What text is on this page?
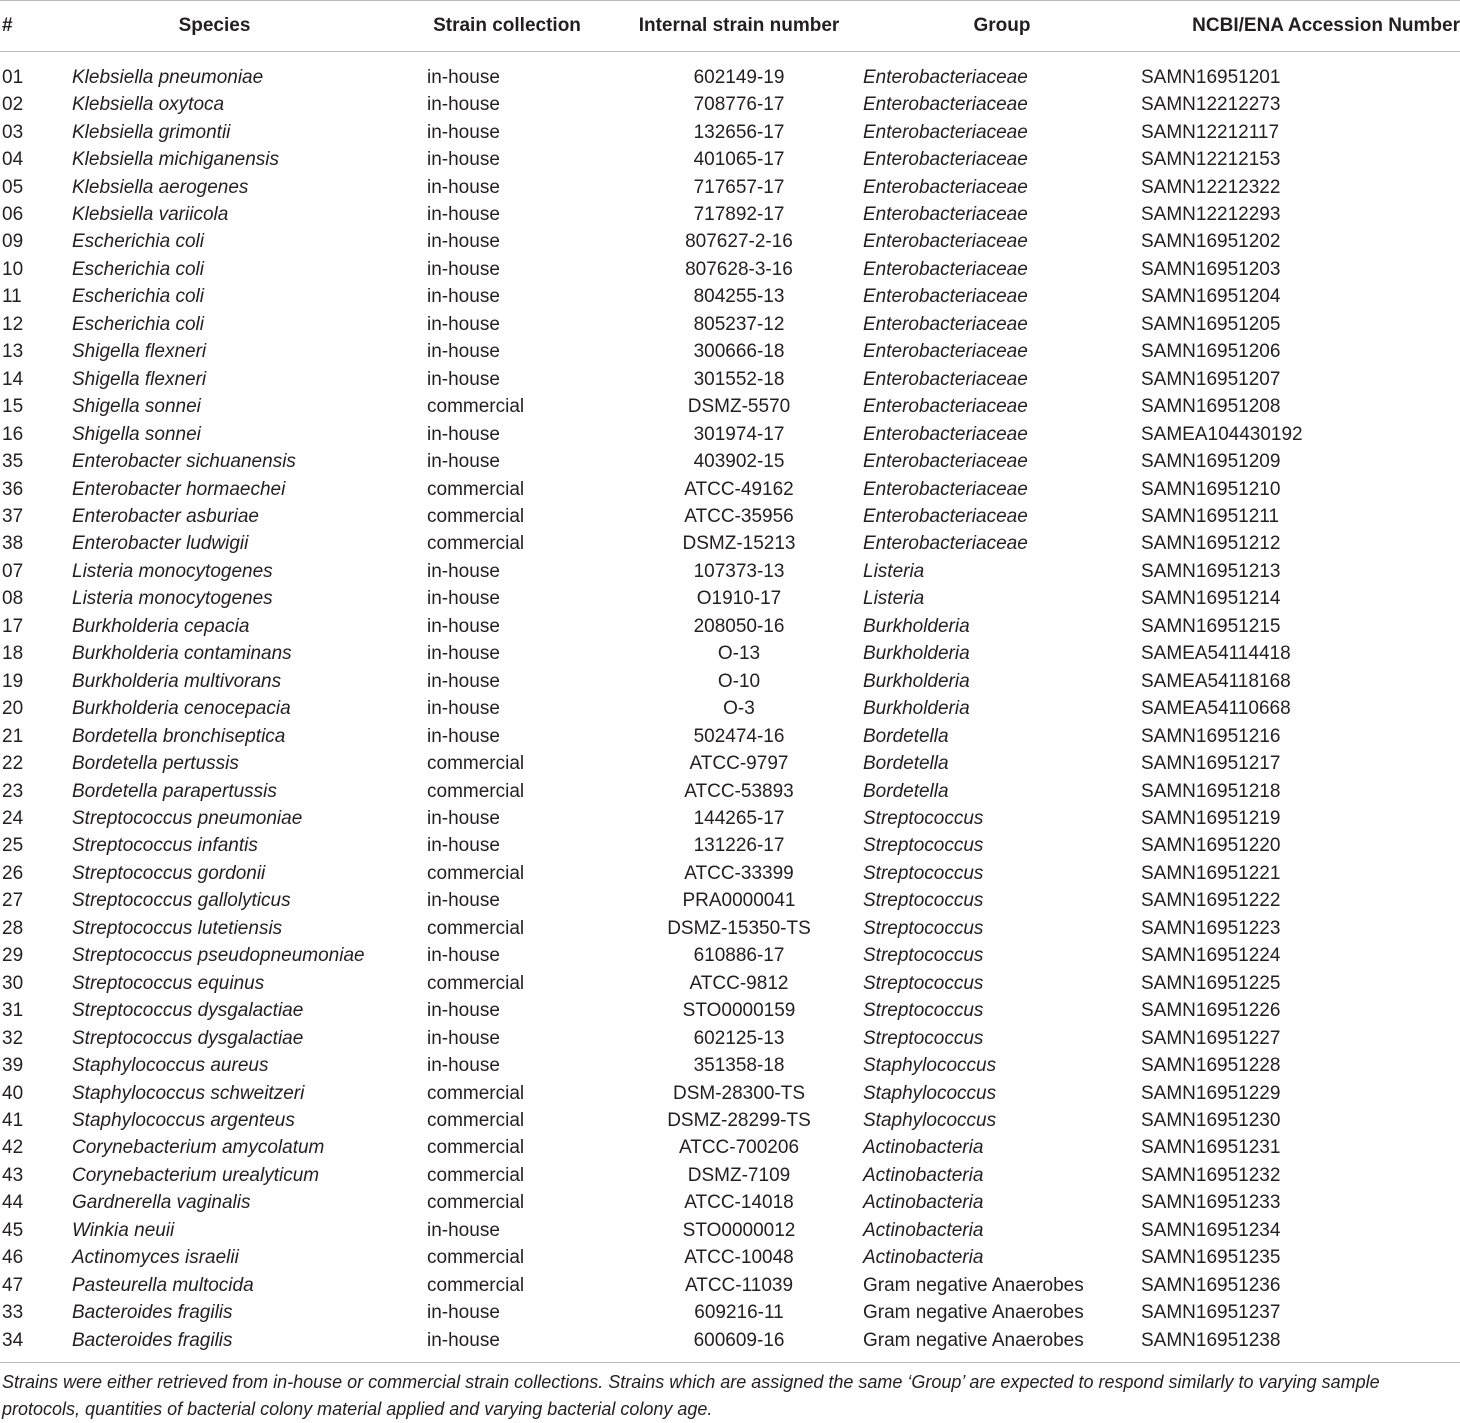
#	Species	Strain collection	Internal strain number	Group	NCBI/ENA Accession Number
01	Klebsiella pneumoniae	in-house	602149-19	Enterobacteriaceae	SAMN16951201
02	Klebsiella oxytoca	in-house	708776-17	Enterobacteriaceae	SAMN12212273
03	Klebsiella grimontii	in-house	132656-17	Enterobacteriaceae	SAMN12212117
04	Klebsiella michiganensis	in-house	401065-17	Enterobacteriaceae	SAMN12212153
05	Klebsiella aerogenes	in-house	717657-17	Enterobacteriaceae	SAMN12212322
06	Klebsiella variicola	in-house	717892-17	Enterobacteriaceae	SAMN12212293
09	Escherichia coli	in-house	807627-2-16	Enterobacteriaceae	SAMN16951202
10	Escherichia coli	in-house	807628-3-16	Enterobacteriaceae	SAMN16951203
11	Escherichia coli	in-house	804255-13	Enterobacteriaceae	SAMN16951204
12	Escherichia coli	in-house	805237-12	Enterobacteriaceae	SAMN16951205
13	Shigella flexneri	in-house	300666-18	Enterobacteriaceae	SAMN16951206
14	Shigella flexneri	in-house	301552-18	Enterobacteriaceae	SAMN16951207
15	Shigella sonnei	commercial	DSMZ-5570	Enterobacteriaceae	SAMN16951208
16	Shigella sonnei	in-house	301974-17	Enterobacteriaceae	SAMEA104430192
35	Enterobacter sichuanensis	in-house	403902-15	Enterobacteriaceae	SAMN16951209
36	Enterobacter hormaechei	commercial	ATCC-49162	Enterobacteriaceae	SAMN16951210
37	Enterobacter asburiae	commercial	ATCC-35956	Enterobacteriaceae	SAMN16951211
38	Enterobacter ludwigii	commercial	DSMZ-15213	Enterobacteriaceae	SAMN16951212
07	Listeria monocytogenes	in-house	107373-13	Listeria	SAMN16951213
08	Listeria monocytogenes	in-house	O1910-17	Listeria	SAMN16951214
17	Burkholderia cepacia	in-house	208050-16	Burkholderia	SAMN16951215
18	Burkholderia contaminans	in-house	O-13	Burkholderia	SAMEA54114418
19	Burkholderia multivorans	in-house	O-10	Burkholderia	SAMEA54118168
20	Burkholderia cenocepacia	in-house	O-3	Burkholderia	SAMEA54110668
21	Bordetella bronchiseptica	in-house	502474-16	Bordetella	SAMN16951216
22	Bordetella pertussis	commercial	ATCC-9797	Bordetella	SAMN16951217
23	Bordetella parapertussis	commercial	ATCC-53893	Bordetella	SAMN16951218
24	Streptococcus pneumoniae	in-house	144265-17	Streptococcus	SAMN16951219
25	Streptococcus infantis	in-house	131226-17	Streptococcus	SAMN16951220
26	Streptococcus gordonii	commercial	ATCC-33399	Streptococcus	SAMN16951221
27	Streptococcus gallolyticus	in-house	PRA0000041	Streptococcus	SAMN16951222
28	Streptococcus lutetiensis	commercial	DSMZ-15350-TS	Streptococcus	SAMN16951223
29	Streptococcus pseudopneumoniae	in-house	610886-17	Streptococcus	SAMN16951224
30	Streptococcus equinus	commercial	ATCC-9812	Streptococcus	SAMN16951225
31	Streptococcus dysgalactiae	in-house	STO0000159	Streptococcus	SAMN16951226
32	Streptococcus dysgalactiae	in-house	602125-13	Streptococcus	SAMN16951227
39	Staphylococcus aureus	in-house	351358-18	Staphylococcus	SAMN16951228
40	Staphylococcus schweitzeri	commercial	DSM-28300-TS	Staphylococcus	SAMN16951229
41	Staphylococcus argenteus	commercial	DSMZ-28299-TS	Staphylococcus	SAMN16951230
42	Corynebacterium amycolatum	commercial	ATCC-700206	Actinobacteria	SAMN16951231
43	Corynebacterium urealyticum	commercial	DSMZ-7109	Actinobacteria	SAMN16951232
44	Gardnerella vaginalis	commercial	ATCC-14018	Actinobacteria	SAMN16951233
45	Winkia neuii	in-house	STO0000012	Actinobacteria	SAMN16951234
46	Actinomyces israelii	commercial	ATCC-10048	Actinobacteria	SAMN16951235
47	Pasteurella multocida	commercial	ATCC-11039	Gram negative Anaerobes	SAMN16951236
33	Bacteroides fragilis	in-house	609216-11	Gram negative Anaerobes	SAMN16951237
34	Bacteroides fragilis	in-house	600609-16	Gram negative Anaerobes	SAMN16951238
Strains were either retrieved from in-house or commercial strain collections. Strains which are assigned the same ‘Group’ are expected to respond similarly to varying sample protocols, quantities of bacterial colony material applied and varying bacterial colony age.
